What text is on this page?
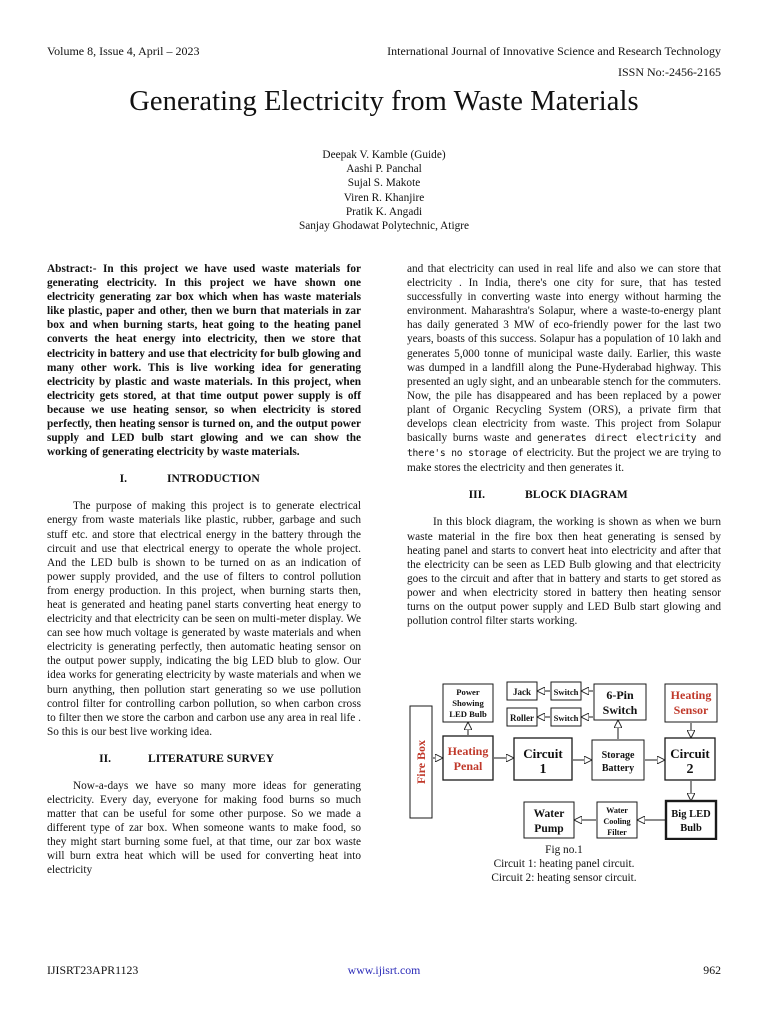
Volume 8, Issue 4, April – 2023	International Journal of Innovative Science and Research Technology
ISSN No:-2456-2165
Generating Electricity from Waste Materials
Deepak V. Kamble (Guide)
Aashi P. Panchal
Sujal S. Makote
Viren R. Khanjire
Pratik K. Angadi
Sanjay Ghodawat Polytechnic, Atigre

Abstract:- In this project we have used waste materials for generating electricity. In this project we have shown one electricity generating zar box which when has waste materials like plastic, paper and other, then we burn that materials in zar box and when burning starts, heat going to the heating panel converts the heat energy into electricity, then we store that electricity in battery and use that electricity for bulb glowing and many other work. This is live working idea for generating electricity by plastic and waste materials. In this project, when electricity gets stored, at that time output power supply is off because we use heating sensor, so when electricity is stored perfectly, then heating sensor is turned on, and the output power supply and LED bulb start glowing and we can show the working of generating electricity by waste materials.

I.	INTRODUCTION

The purpose of making this project is to generate electrical energy from waste materials like plastic, rubber, garbage and such stuff etc. and store that electrical energy in the battery through the circuit and use that electrical energy to operate the whole project. And the LED bulb is shown to be turned on as an indication of power supply provided, and the use of filters to control pollution from energy production. In this project, when burning starts then, heat is generated and heating panel starts converting heat energy to electricity and that electricity can be seen on multi-meter display. We can see how much voltage is generated by waste materials and when electricity is generating perfectly, then automatic heating sensor on the output power supply, indicating the big LED blub to glow. Our idea works for generating electricity by waste materials and when we burn anything, then pollution start generating so we use pollution control filter for controlling carbon pollution, so when carbon cross to filter then we store the carbon and carbon use any area in real life . So this is our best live working idea.

II.	LITERATURE SURVEY

Now-a-days we have so many more ideas for generating electricity. Every day, everyone for making food burns so much matter that can be useful for some other purpose. So we made a different type of zar box. When someone wants to make food, so they might start burning some fuel, at that time, our zar box waste will burn extra heat which will be used for converting heat into electricity

and that electricity can used in real life and also we can store that electricity . In India, there's one city for sure, that has tested successfully in converting waste into energy without harming the environment. Maharashtra's Solapur, where a waste-to-energy plant has daily generated 3 MW of eco-friendly power for the last two years, boasts of this success. Solapur has a population of 10 lakh and generates 5,000 tonne of municipal waste daily. Earlier, this waste was dumped in a landfill along the Pune-Hyderabad highway. This presented an ugly sight, and an unbearable stench for the commuters. Now, the pile has disappeared and has been replaced by a power plant of Organic Recycling System (ORS), a private firm that develops clean electricity from waste. This project from Solapur basically burns waste and generates direct electricity and there's no storage of electricity. But the project we are trying to make stores the electricity and then generates it.

III.	BLOCK DIAGRAM

In this block diagram, the working is shown as when we burn waste material in the fire box then heat generating is sensed by heating panel and starts to convert heat into electricity and after that the electricity can be seen as LED Bulb glowing and that electricity goes to the circuit and after that in battery and starts to get stored as power and when electricity stored in battery then heating sensor turns on the output power supply and LED Bulb start glowing and pollution control filter starts working.

Fire Box Heating
Penal
Circuit
1
Storage
Battery
Circuit
2
Power
Showing
LED Bulb
Jack
Roller
Switch
Switch
6-Pin
Switch
Heating
Sensor
Water
Pump
Water
Cooling
Filter
Big LED
Bulb
Fig no.1
Circuit 1: heating panel circuit.
Circuit 2: heating sensor circuit.
IJISRT23APR1123	www.ijisrt.com	962
